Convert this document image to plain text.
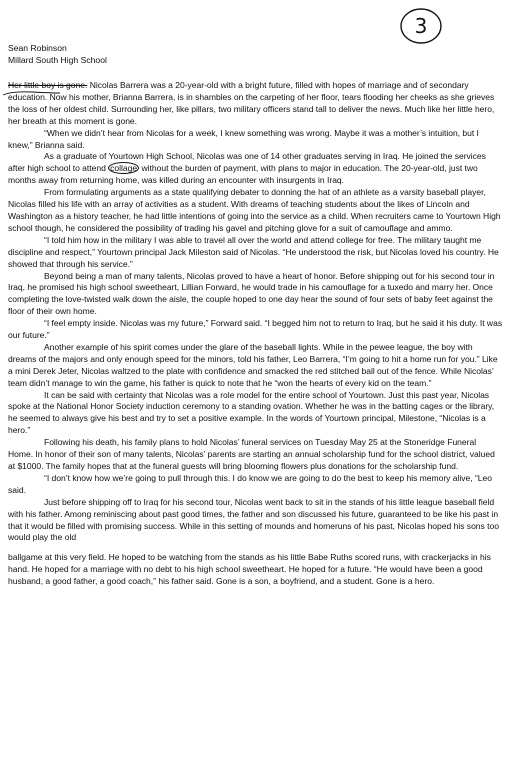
3
Sean Robinson
Millard South High School

Her little boy is gone. Nicolas Barrera was a 20-year-old with a bright future, filled with hopes of marriage and of secondary education. Now his mother, Brianna Barrera, is in shambles on the carpeting of her floor, tears flooding her cheeks as she grieves the loss of her oldest child. Surrounding her, like pillars, two military officers stand tall to deliver the news. Much like her little hero, her breath at this moment is gone.

“When we didn’t hear from Nicolas for a week, I knew something was wrong. Maybe it was a mother’s intuition, but I knew,” Brianna said.

As a graduate of Yourtown High School, Nicolas was one of 14 other graduates serving in Iraq. He joined the services after high school to attend collage without the burden of payment, with plans to major in education. The 20-year-old, just two months away from returning home, was killed during an encounter with insurgents in Iraq.

From formulating arguments as a state qualifying debater to donning the hat of an athlete as a varsity baseball player, Nicolas filled his life with an array of activities as a student. With dreams of teaching students about the likes of Lincoln and Washington as a history teacher, he had little intentions of going into the service as a child. When recruiters came to Yourtown High school though, he considered the possibility of trading his gavel and pitching glove for a suit of camouflage and ammo.

“I told him how in the military I was able to travel all over the world and attend college for free. The military taught me discipline and respect,” Yourtown principal Jack Mileston said of Nicolas. “He understood the risk, but Nicolas loved his country. He showed that through his service.”

Beyond being a man of many talents, Nicolas proved to have a heart of honor. Before shipping out for his second tour in Iraq, he promised his high school sweetheart, Lillian Forward, he would trade in his camouflage for a tuxedo and marry her. Once completing the love-twisted walk down the aisle, the couple hoped to one day hear the sound of four sets of baby feet against the floor of their own home.

“I feel empty inside. Nicolas was my future,” Forward said. “I begged him not to return to Iraq, but he said it his duty. It was our future.”

Another example of his spirit comes under the glare of the baseball lights. While in the pewee league, the boy with dreams of the majors and only enough speed for the minors, told his father, Leo Barrera, “I’m going to hit a home run for you.” Like a mini Derek Jeter, Nicolas waltzed to the plate with confidence and smacked the red stitched ball out of the fence. While Nicolas’ team didn’t manage to win the game, his father is quick to note that he “won the hearts of every kid on the team.”

It can be said with certainty that Nicolas was a role model for the entire school of Yourtown. Just this past year, Nicolas spoke at the National Honor Society induction ceremony to a standing ovation. Whether he was in the batting cages or the library, he seemed to always give his best and try to set a positive example. In the words of Yourtown principal, Milestone, “Nicolas is a hero.”

Following his death, his family plans to hold Nicolas’ funeral services on Tuesday May 25 at the Stoneridge Funeral Home. In honor of their son of many talents, Nicolas’ parents are starting an annual scholarship fund for the school district, valued at $1000. The family hopes that at the funeral guests will bring blooming flowers plus donations for the scholarship fund.

“I don’t know how we’re going to pull through this. I do know we are going to do the best to keep his memory alive, “Leo said.

Just before shipping off to Iraq for his second tour, Nicolas went back to sit in the stands of his little league baseball field with his father. Among reminiscing about past good times, the father and son discussed his future, guaranteed to be like his past in that it would be filled with promising success. While in this setting of mounds and homeruns of his past, Nicolas hoped his sons too would play the old

ballgame at this very field. He hoped to be watching from the stands as his little Babe Ruths scored runs, with crackerjacks in his hand. He hoped for a marriage with no debt to his high school sweetheart. He hoped for a future. “He would have been a good husband, a good father, a good coach,” his father said. Gone is a son, a boyfriend, and a student. Gone is a hero.
